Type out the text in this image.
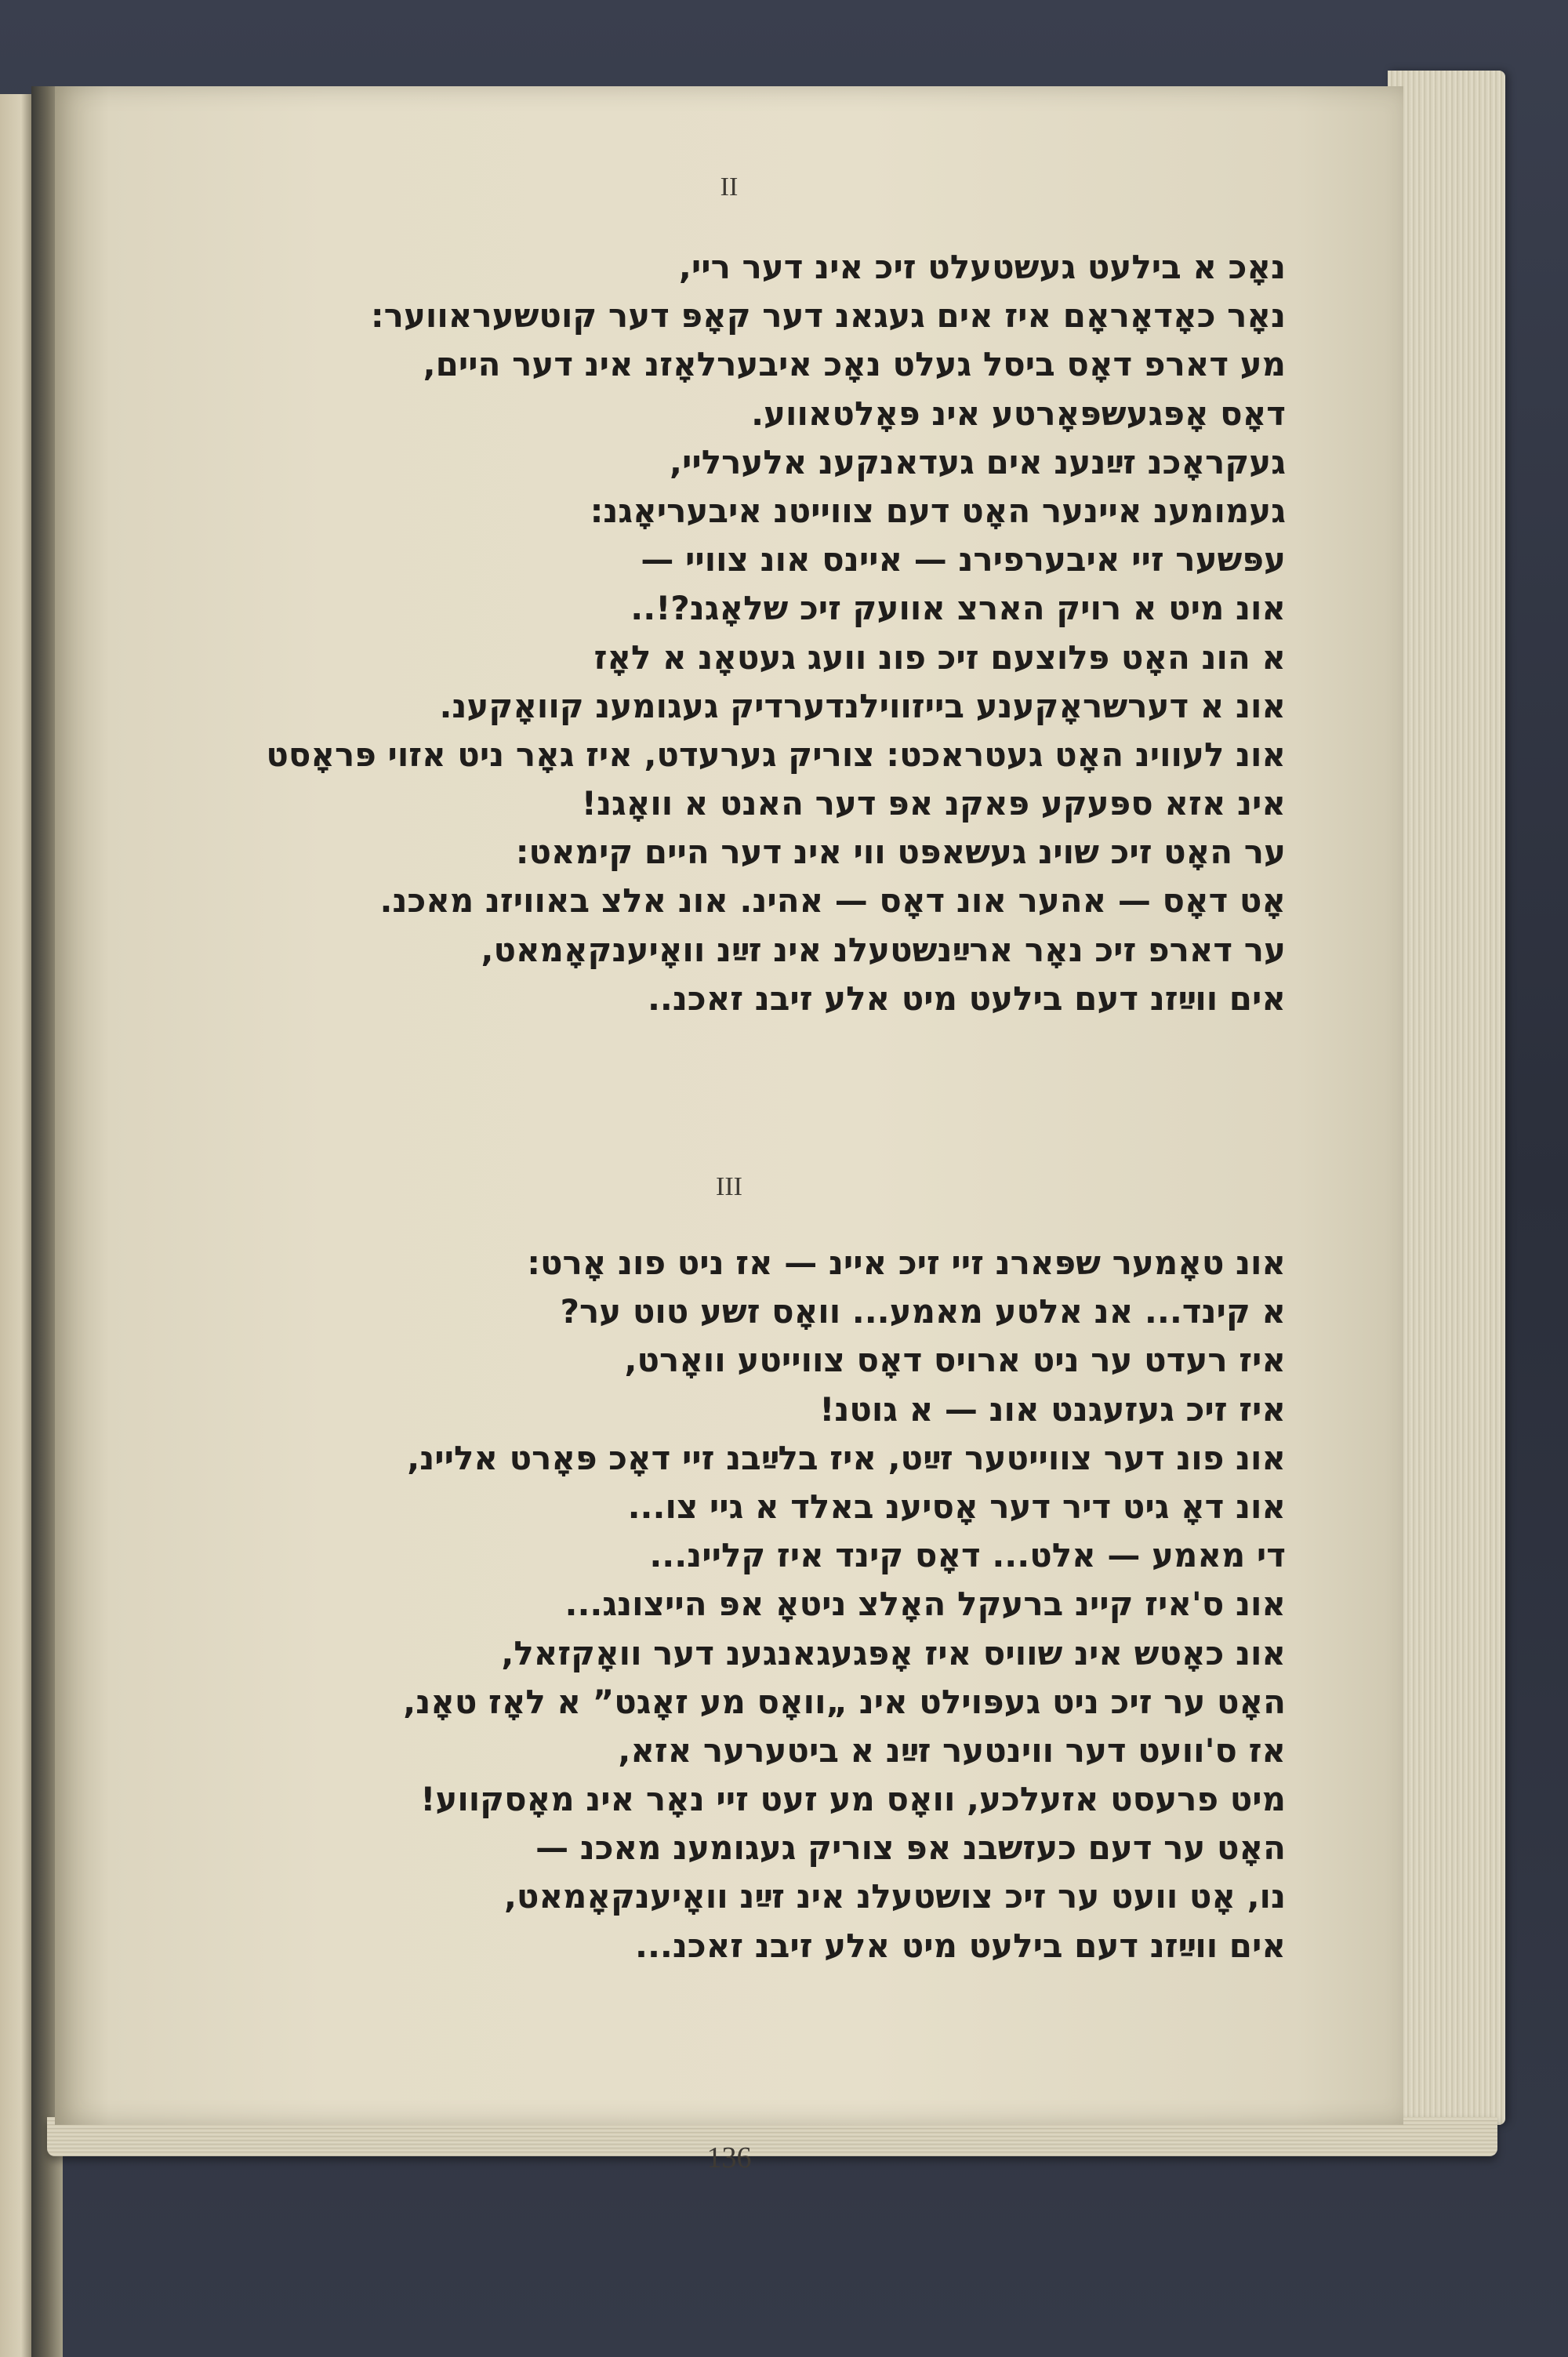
II

נאָכ א בילעט געשטעלט זיכ אינ דער ריי,
נאָר כאָדאָראָם איז אים געגאנ דער קאָפּ דער קוטשעראווער:
מע דארפ דאָס ביסל געלט נאָכ איבערלאָזנ אינ דער היים,
דאָס אָפּגעשפּאָרטע אינ פּאָלטאווע.
געקראָכנ זײַנענ אים געדאנקענ אלערליי,
געמומענ איינער האָט דעם צווייטנ איבעריאָגנ:
עפּשער זיי איבערפירנ — איינס אונ צוויי —
אונ מיט א רויק הארצ אוועק זיכ שלאָגנ?!..
א הונ האָט פּלוצעם זיכ פונ וועג געטאָנ א לאָז
אונ א דערשראָקענע בייזווילנדערדיק געגומענ קוואָקענ.
אונ לעווינ האָט געטראכט: צוריק גערעדט, איז גאָר ניט אזוי פּראָסט
אינ אזא ספּעקע פּאקנ אפּ דער האנט א וואָגנ!
ער האָט זיכ שוינ געשאפּט ווי אינ דער היים קימאט:
אָט דאָס — אהער אונ דאָס — אהינ. אונ אלצ באוויזנ מאכנ.
ער דארפ זיכ נאָר ארײַנשטעלנ אינ זײַנ וואָיענקאָמאט,
אים ווײַזנ דעם בילעט מיט אלע זיבנ זאכנ..

III

אונ טאָמער שפּארנ זיי זיכ איינ — אז ניט פונ אָרט:
א קינד... אנ אלטע מאמע... וואָס זשע טוט ער?
איז רעדט ער ניט ארויס דאָס צווייטע וואָרט,
איז זיכ געזעגנט אונ — א גוטנ!
אונ פונ דער צווייטער זײַט, איז בלײַבנ זיי דאָכ פּאָרט אליינ,
אונ דאָ גיט דיר דער אָסיענ באלד א גיי צו...
די מאמע — אלט... דאָס קינד איז קליינ...
אונ ס'איז קיינ ברעקל האָלצ ניטאָ אפּ הייצונג...
אונ כאָטש אינ שוויס איז אָפּגעגאנגענ דער וואָקזאל,
האָט ער זיכ ניט געפּוילט אינ „וואָס מע זאָגט” א לאָז טאָנ,
אז ס'וועט דער ווינטער זײַנ א ביטערער אזא,
מיט פרעסט אזעלכע, וואָס מע זעט זיי נאָר אינ מאָסקווע!
האָט ער דעם כעזשבנ אפּ צוריק געגומענ מאכנ —
נו, אָט וועט ער זיכ צושטעלנ אינ זײַנ וואָיענקאָמאט,
אים ווײַזנ דעם בילעט מיט אלע זיבנ זאכנ...

136
